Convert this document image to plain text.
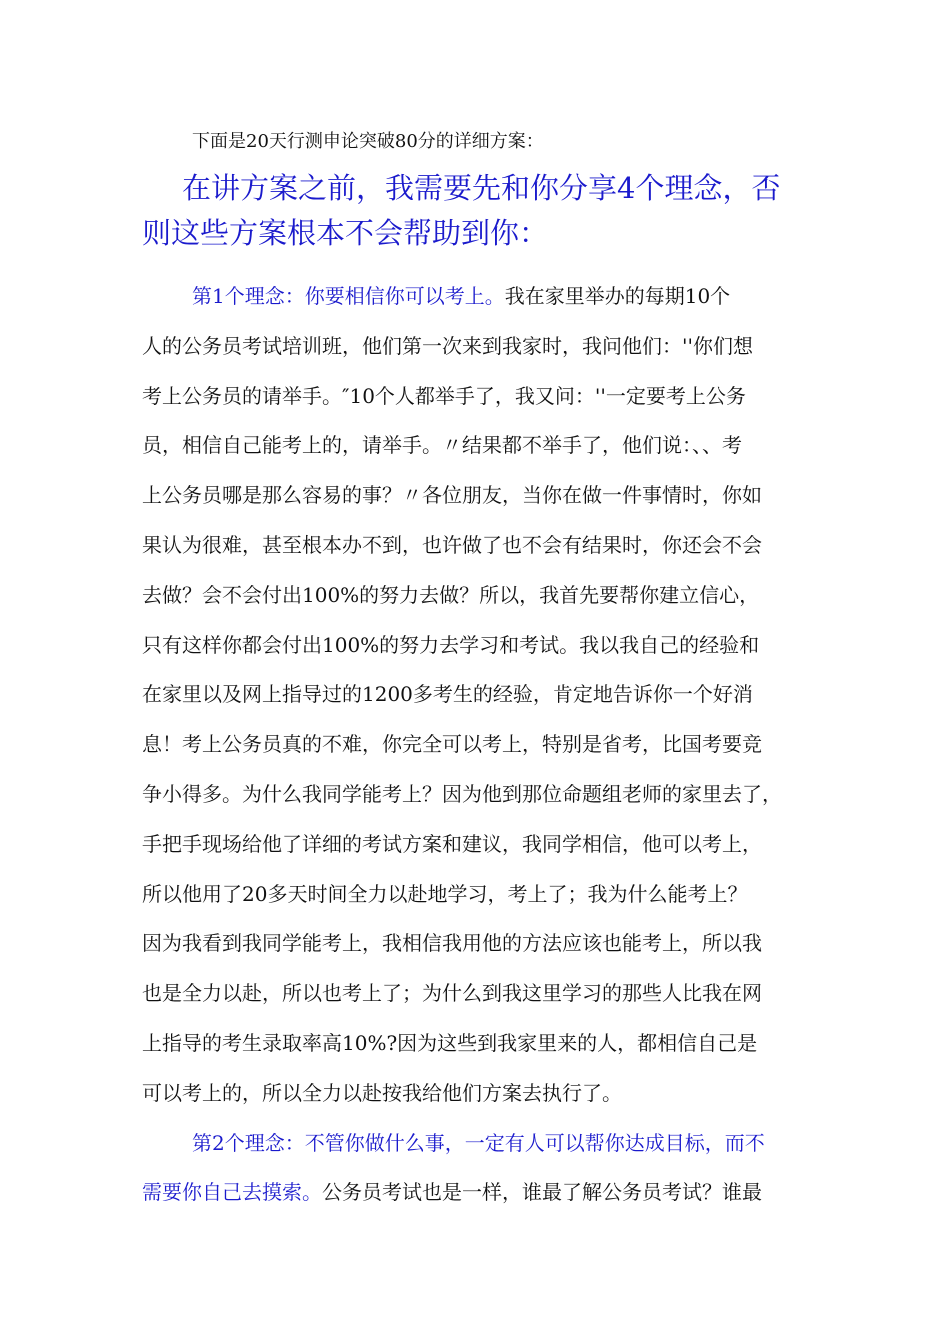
下面是20天行测申论突破80分的详细方案：
在讲方案之前，我需要先和你分享4个理念，否
则这些方案根本不会帮助到你：
第1个理念：你要相信你可以考上。我在家里举办的每期10个
人的公务员考试培训班，他们第一次来到我家时，我问他们：''你们想
考上公务员的请举手。″10个人都举手了，我又问：''一定要考上公务
员，相信自己能考上的，请举手。〃结果都不举手了，他们说：、、考
上公务员哪是那么容易的事？〃各位朋友，当你在做一件事情时，你如
果认为很难，甚至根本办不到，也许做了也不会有结果时，你还会不会
去做？会不会付出100%的努力去做？所以，我首先要帮你建立信心，
只有这样你都会付出100%的努力去学习和考试。我以我自己的经验和
在家里以及网上指导过的1200多考生的经验，肯定地告诉你一个好消
息！考上公务员真的不难，你完全可以考上，特别是省考，比国考要竞
争小得多。为什么我同学能考上？因为他到那位命题组老师的家里去了，
手把手现场给他了详细的考试方案和建议，我同学相信，他可以考上，
所以他用了20多天时间全力以赴地学习，考上了；我为什么能考上？
因为我看到我同学能考上，我相信我用他的方法应该也能考上，所以我
也是全力以赴，所以也考上了；为什么到我这里学习的那些人比我在网
上指导的考生录取率高10%?因为这些到我家里来的人，都相信自己是
可以考上的，所以全力以赴按我给他们方案去执行了。
第2个理念：不管你做什么事，一定有人可以帮你达成目标，而不
需要你自己去摸索。公务员考试也是一样，谁最了解公务员考试？谁最
